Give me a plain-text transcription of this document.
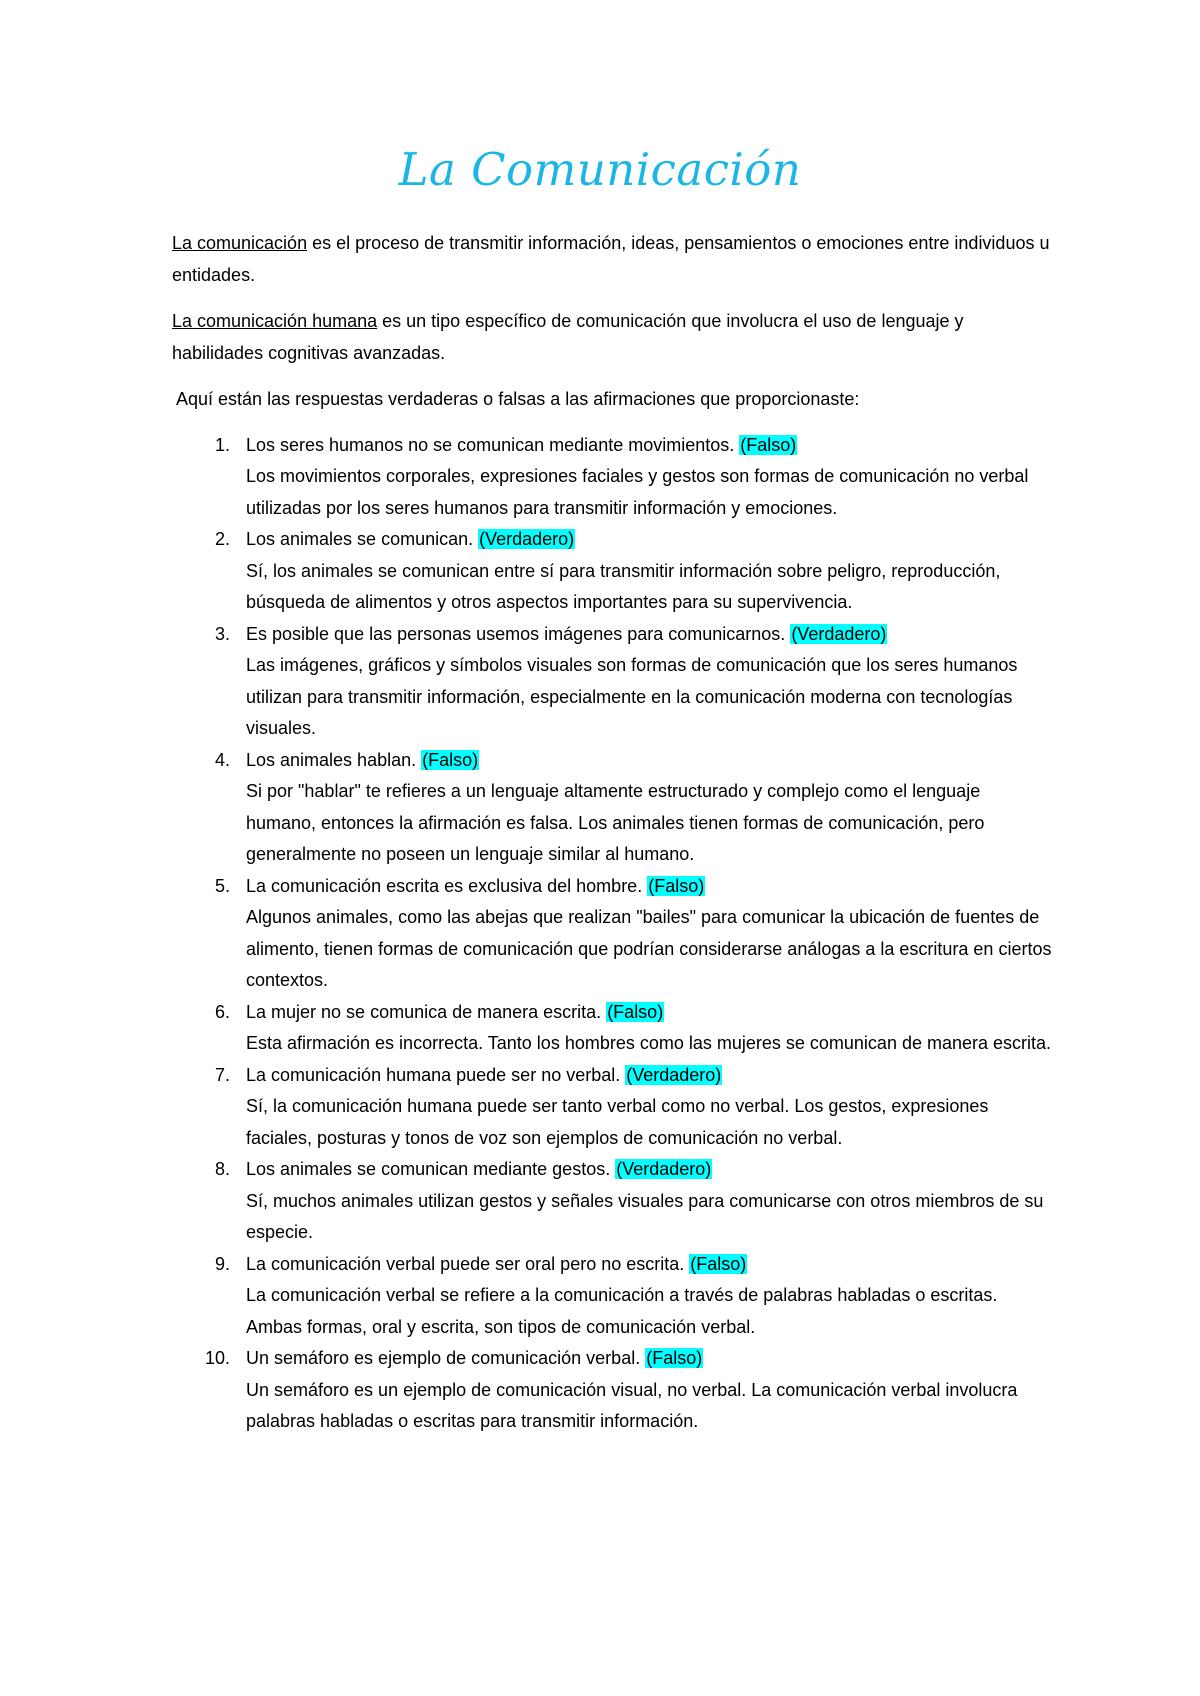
La Comunicación

La comunicación es el proceso de transmitir información, ideas, pensamientos o emociones entre individuos u entidades.

La comunicación humana es un tipo específico de comunicación que involucra el uso de lenguaje y habilidades cognitivas avanzadas.

Aquí están las respuestas verdaderas o falsas a las afirmaciones que proporcionaste:

1. Los seres humanos no se comunican mediante movimientos. (Falso)
Los movimientos corporales, expresiones faciales y gestos son formas de comunicación no verbal utilizadas por los seres humanos para transmitir información y emociones.
2. Los animales se comunican. (Verdadero)
Sí, los animales se comunican entre sí para transmitir información sobre peligro, reproducción, búsqueda de alimentos y otros aspectos importantes para su supervivencia.
3. Es posible que las personas usemos imágenes para comunicarnos. (Verdadero)
Las imágenes, gráficos y símbolos visuales son formas de comunicación que los seres humanos utilizan para transmitir información, especialmente en la comunicación moderna con tecnologías visuales.
4. Los animales hablan. (Falso)
Si por "hablar" te refieres a un lenguaje altamente estructurado y complejo como el lenguaje humano, entonces la afirmación es falsa. Los animales tienen formas de comunicación, pero generalmente no poseen un lenguaje similar al humano.
5. La comunicación escrita es exclusiva del hombre. (Falso)
Algunos animales, como las abejas que realizan "bailes" para comunicar la ubicación de fuentes de alimento, tienen formas de comunicación que podrían considerarse análogas a la escritura en ciertos contextos.
6. La mujer no se comunica de manera escrita. (Falso)
Esta afirmación es incorrecta. Tanto los hombres como las mujeres se comunican de manera escrita.
7. La comunicación humana puede ser no verbal. (Verdadero)
Sí, la comunicación humana puede ser tanto verbal como no verbal. Los gestos, expresiones faciales, posturas y tonos de voz son ejemplos de comunicación no verbal.
8. Los animales se comunican mediante gestos. (Verdadero)
Sí, muchos animales utilizan gestos y señales visuales para comunicarse con otros miembros de su especie.
9. La comunicación verbal puede ser oral pero no escrita. (Falso)
La comunicación verbal se refiere a la comunicación a través de palabras habladas o escritas. Ambas formas, oral y escrita, son tipos de comunicación verbal.
10. Un semáforo es ejemplo de comunicación verbal. (Falso)
Un semáforo es un ejemplo de comunicación visual, no verbal. La comunicación verbal involucra palabras habladas o escritas para transmitir información.
